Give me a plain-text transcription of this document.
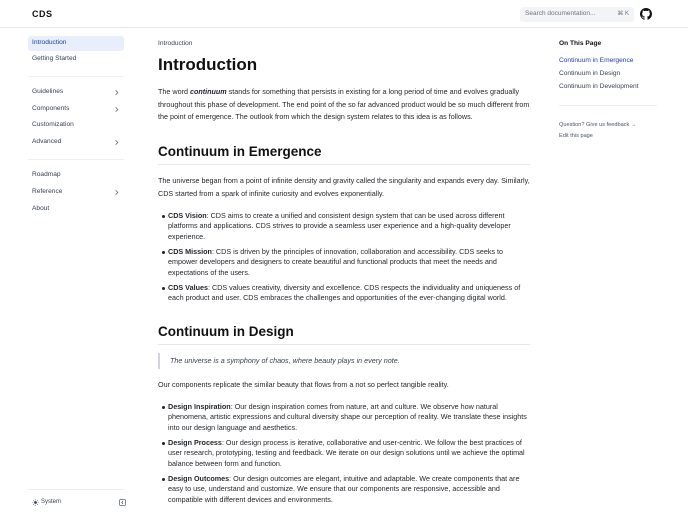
CDS	Search documentation...	⌘ K
Introduction
Getting Started
Guidelines
Components
Customization
Advanced
Roadmap
Reference
About
System
Introduction
Introduction

The word continuum stands for something that persists in existing for a long period of time and evolves gradually throughout this phase of development. The end point of the so far advanced product would be so much different from the point of emergence. The outlook from which the design system relates to this idea is as follows.

Continuum in Emergence

The universe began from a point of infinite density and gravity called the singularity and expands every day. Similarly, CDS started from a spark of infinite curiosity and evolves exponentially.

CDS Vision: CDS aims to create a unified and consistent design system that can be used across different platforms and applications. CDS strives to provide a seamless user experience and a high-quality developer experience.
CDS Mission: CDS is driven by the principles of innovation, collaboration and accessibility. CDS seeks to empower developers and designers to create beautiful and functional products that meet the needs and expectations of the users.
CDS Values: CDS values creativity, diversity and excellence. CDS respects the individuality and uniqueness of each product and user. CDS embraces the challenges and opportunities of the ever-changing digital world.
Continuum in Design
The universe is a symphony of chaos, where beauty plays in every note.

Our components replicate the similar beauty that flows from a not so perfect tangible reality.

Design Inspiration: Our design inspiration comes from nature, art and culture. We observe how natural phenomena, artistic expressions and cultural diversity shape our perception of reality. We translate these insights into our design language and aesthetics.
Design Process: Our design process is iterative, collaborative and user-centric. We follow the best practices of user research, prototyping, testing and feedback. We iterate on our design solutions until we achieve the optimal balance between form and function.
Design Outcomes: Our design outcomes are elegant, intuitive and adaptable. We create components that are easy to use, understand and customize. We ensure that our components are responsive, accessible and compatible with different devices and environments.
On This Page
Continuum in Emergence
Continuum in Design
Continuum in Development
Question? Give us feedback →
Edit this page
